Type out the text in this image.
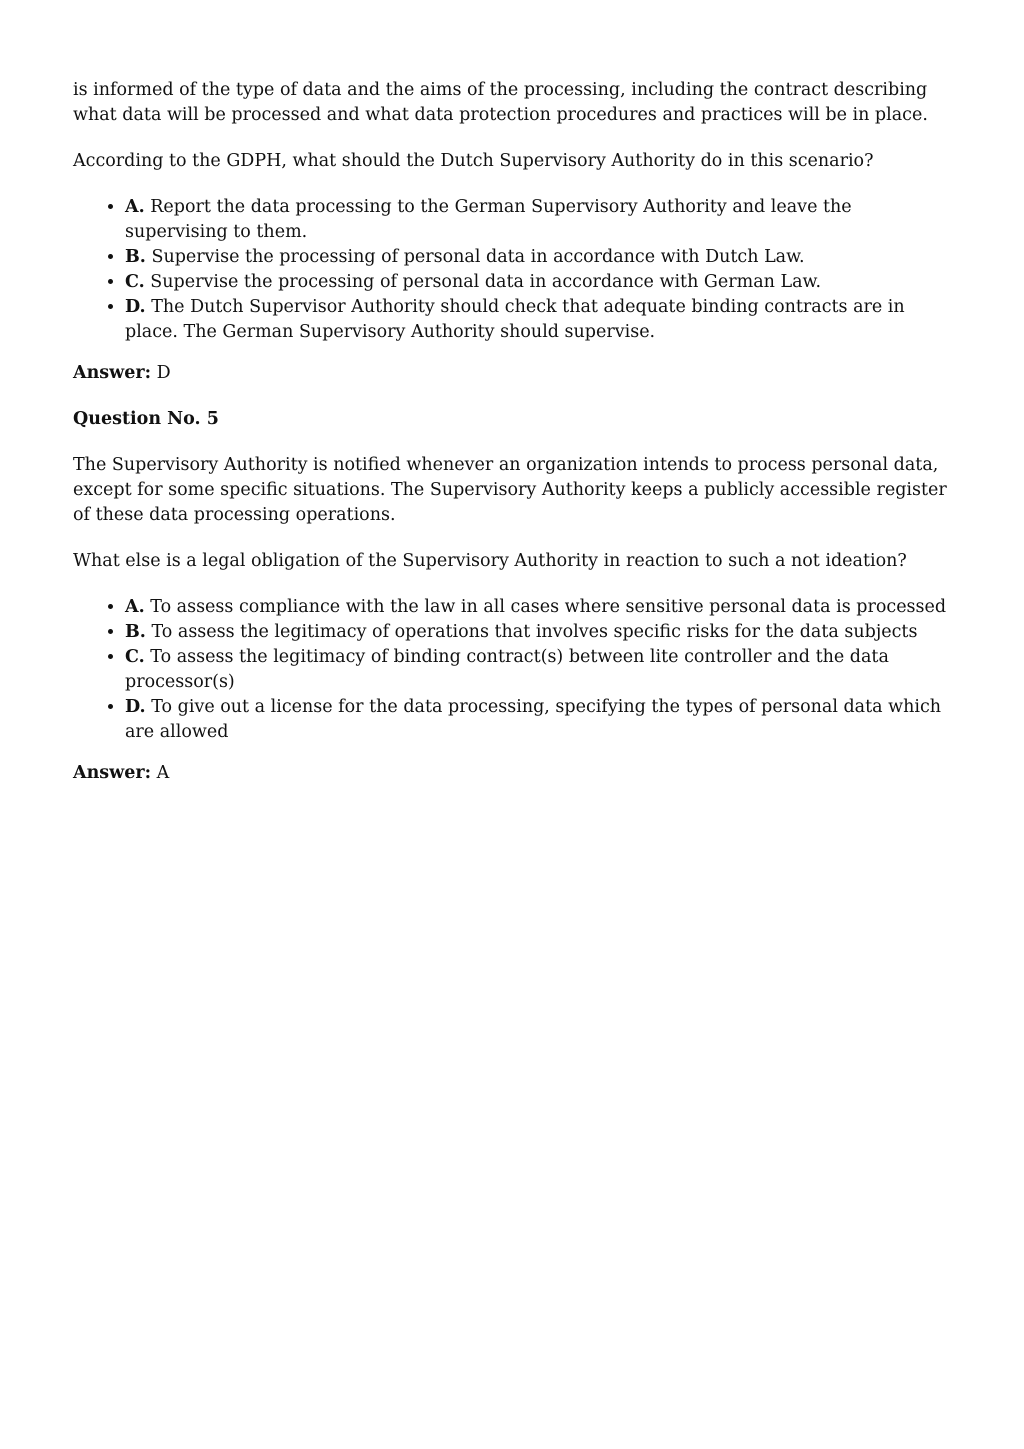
is informed of the type of data and the aims of the processing, including the contract describing what data will be processed and what data protection procedures and practices will be in place.

According to the GDPH, what should the Dutch Supervisory Authority do in this scenario?

• A. Report the data processing to the German Supervisory Authority and leave the supervising to them.
• B. Supervise the processing of personal data in accordance with Dutch Law.
• C. Supervise the processing of personal data in accordance with German Law.
• D. The Dutch Supervisor Authority should check that adequate binding contracts are in place. The German Supervisory Authority should supervise.

Answer: D

Question No. 5

The Supervisory Authority is notified whenever an organization intends to process personal data, except for some specific situations. The Supervisory Authority keeps a publicly accessible register of these data processing operations.

What else is a legal obligation of the Supervisory Authority in reaction to such a not ideation?

• A. To assess compliance with the law in all cases where sensitive personal data is processed
• B. To assess the legitimacy of operations that involves specific risks for the data subjects
• C. To assess the legitimacy of binding contract(s) between lite controller and the data processor(s)
• D. To give out a license for the data processing, specifying the types of personal data which are allowed

Answer: A
